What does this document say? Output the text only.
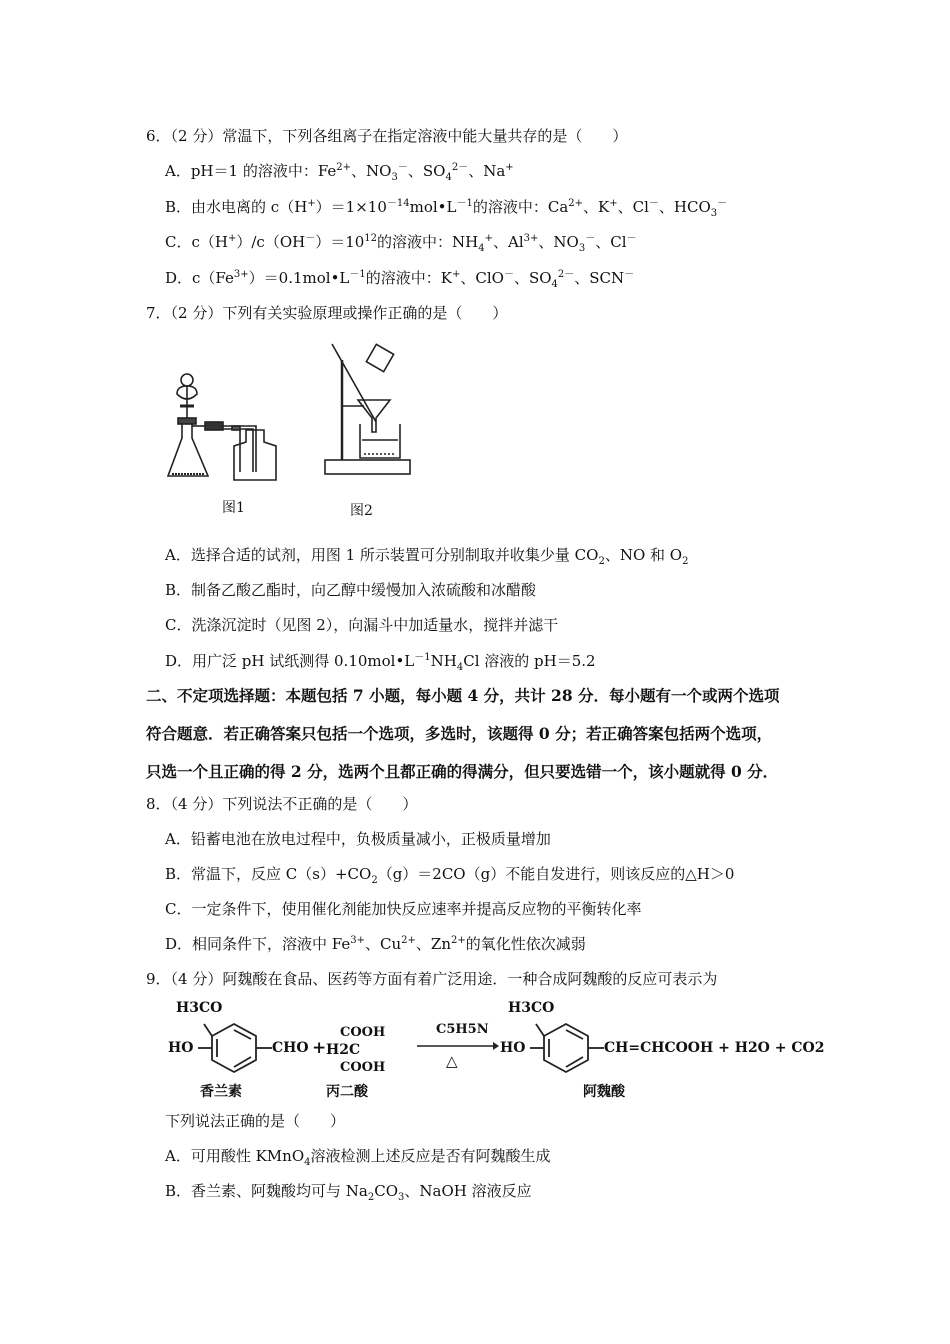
6．（2 分）常温下，下列各组离子在指定溶液中能大量共存的是（　　）
A．pH＝1 的溶液中：$Fe^{2+}$、$NO_3^-$、$SO_4^{2-}$、Na+
B．由水电离的 $c(H^+)=1\times 10^{-14}mol•L^{-1}$的溶液中：$Ca^{2+}$、K+、Cl－、$HCO_3^-$
C．$c(H^+)/c(OH^-)=10^{12}$的溶液中：$NH_4^+$、$Al^{3+}$、$NO_3^-$、Cl－
D．$c(Fe^{3+})=0.1mol•L^{-1}$的溶液中：K+、ClO－、$SO_4^{2-}$、SCN－
7．（2 分）下列有关实验原理或操作正确的是（　　）
图1	图2
A．选择合适的试剂，用图 1 所示装置可分别制取并收集少量 $CO_2$、NO 和 $O_2$
B．制备乙酸乙酯时，向乙醇中缓慢加入浓硫酸和冰醋酸
C．洗涤沉淀时（见图 2），向漏斗中加适量水，搅拌并滤干
D．用广泛 pH 试纸测得 $0.10mol•L^{-1}NH_4Cl$ 溶液的 pH＝5.2
二、不定项选择题：本题包括 7 小题，每小题 4 分，共计 28 分．每小题有一个或两个选项
符合题意．若正确答案只包括一个选项，多选时，该题得 0 分；若正确答案包括两个选项，
只选一个且正确的得 2 分，选两个且都正确的得满分，但只要选错一个，该小题就得 0 分．
8．（4 分）下列说法不正确的是（　　）
A．铅蓄电池在放电过程中，负极质量减小，正极质量增加
B．常温下，反应 $C(s)+CO_2(g)=2CO(g)$不能自发进行，则该反应的△H＞0
C．一定条件下，使用催化剂能加快反应速率并提高反应物的平衡转化率
D．相同条件下，溶液中 $Fe^{3+}$、$Cu^{2+}$、$Zn^{2+}$的氧化性依次减弱
9．（4 分）阿魏酸在食品、医药等方面有着广泛用途．一种合成阿魏酸的反应可表示为
H3CO
HO	CHO +
COOH
H2C
COOH
C5H5N
△
H3CO
HO	CH=CHCOOH + H2O + CO2
香兰素	丙二酸	阿魏酸
下列说法正确的是（　　）
A．可用酸性 KMnO$_4$溶液检测上述反应是否有阿魏酸生成
B．香兰素、阿魏酸均可与 $Na_2CO_3$、NaOH 溶液反应
